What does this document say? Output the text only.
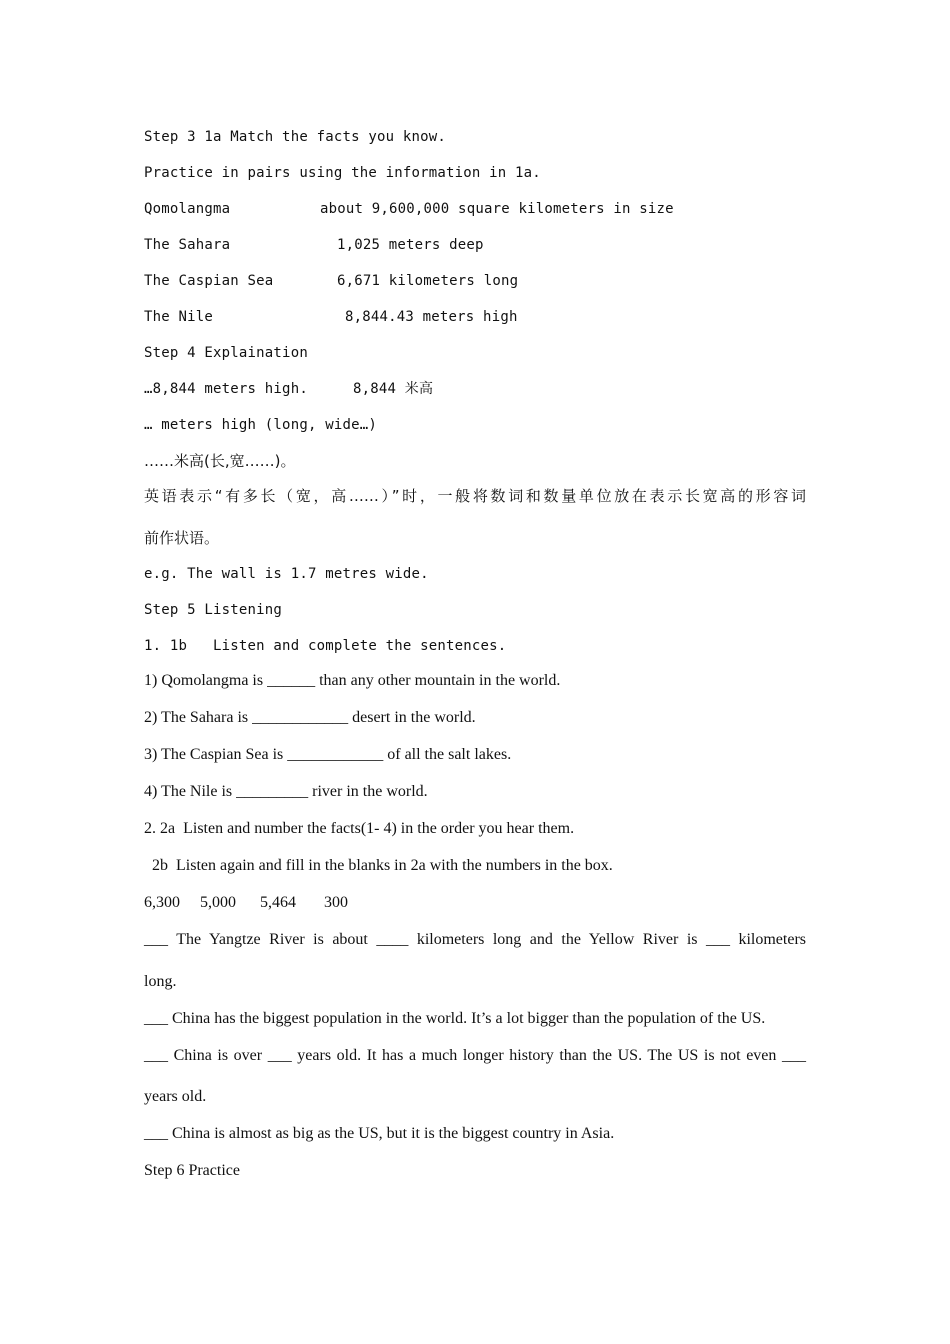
Step 3 1a Match the facts you know.
Practice in pairs using the information in 1a.
Qomolangma	about 9,600,000 square kilometers in size
The Sahara	1,025 meters deep
The Caspian Sea	6,671 kilometers long
The Nile	8,844.43 meters high
Step 4 Explaination
…8,844 meters high.	8,844 米高
… meters high (long, wide…)
……米高(长,宽……)。
英语表示“有多长（宽，高……）”时，一般将数词和数量单位放在表示长宽高的形容词
前作状语。
e.g. The wall is 1.7 metres wide.
Step 5 Listening
1. 1b   Listen and complete the sentences.
1) Qomolangma is ______ than any other mountain in the world.
2) The Sahara is ____________ desert in the world.
3) The Caspian Sea is ____________ of all the salt lakes.
4) The Nile is _________ river in the world.
2. 2a  Listen and number the facts(1- 4) in the order you hear them.
2b  Listen again and fill in the blanks in 2a with the numbers in the box.
6,300     5,000      5,464       300
___ The Yangtze River is about ____ kilometers long and the Yellow River is ___ kilometers
long.
___ China has the biggest population in the world. It’s a lot bigger than the population of the US.
___ China is over ___ years old. It has a much longer history than the US. The US is not even ___
years old.
___ China is almost as big as the US, but it is the biggest country in Asia.
Step 6 Practice
